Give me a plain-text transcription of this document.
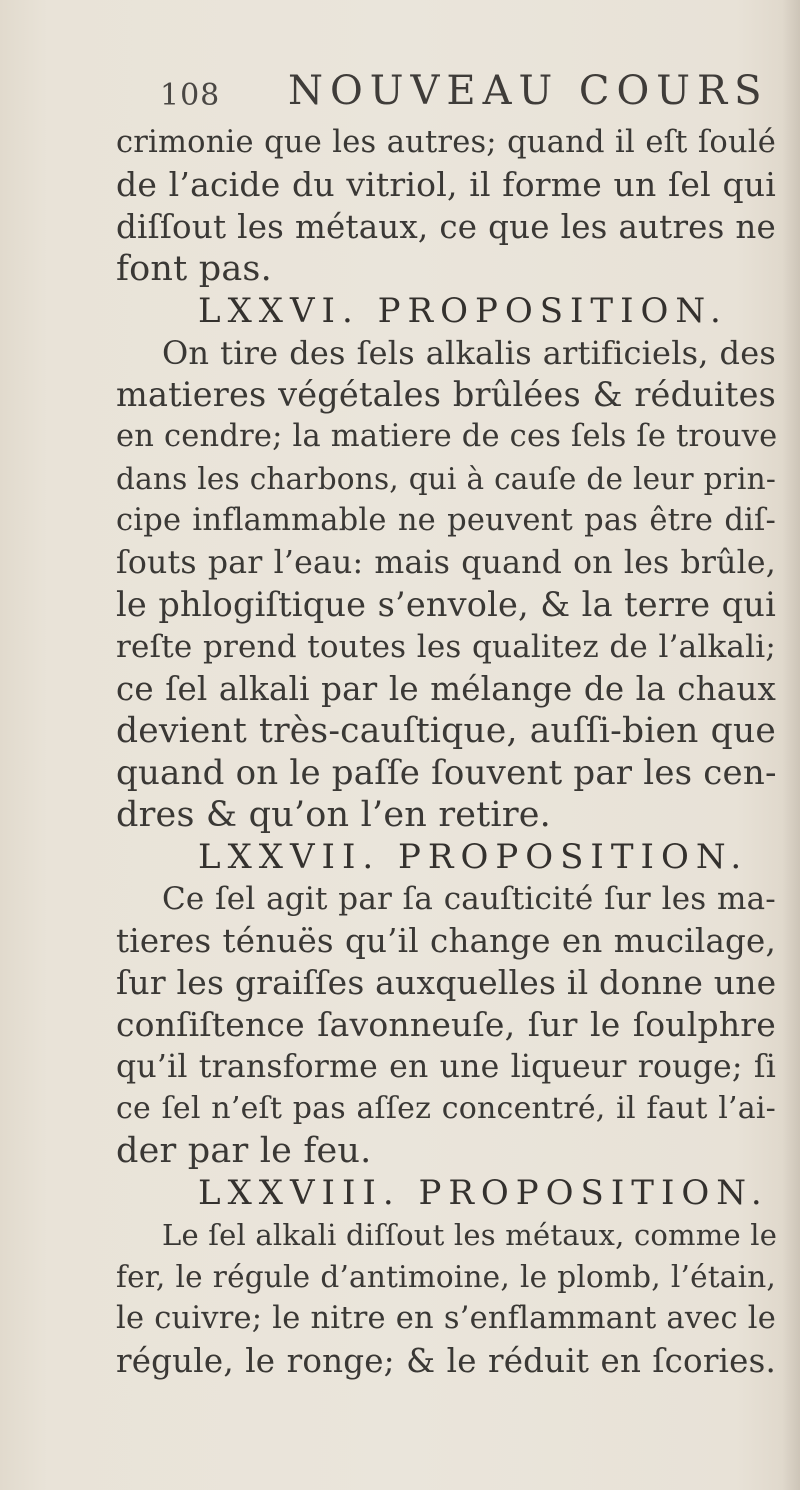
108 NOUVEAU COURS
crimonie que les autres; quand il eſt ſoulé
de l’acide du vitriol, il forme un ſel qui
diſſout les métaux, ce que les autres ne
font pas.
LXXVI. PROPOSITION.
On tire des ſels alkalis artificiels, des
matieres végétales brûlées & réduites
en cendre; la matiere de ces ſels ſe trouve
dans les charbons, qui à cauſe de leur prin-
cipe inflammable ne peuvent pas être diſ-
ſouts par l’eau: mais quand on les brûle,
le phlogiſtique s’envole, & la terre qui
reſte prend toutes les qualitez de l’alkali;
ce ſel alkali par le mélange de la chaux
devient très-cauſtique, auſſi-bien que
quand on le paſſe ſouvent par les cen-
dres & qu’on l’en retire.
LXXVII. PROPOSITION.
Ce ſel agit par ſa cauſticité ſur les ma-
tieres ténuës qu’il change en mucilage,
ſur les graiſſes auxquelles il donne une
conſiſtence ſavonneuſe, ſur le ſoulphre
qu’il transforme en une liqueur rouge; ſi
ce ſel n’eſt pas aſſez concentré, il faut l’ai-
der par le feu.
LXXVIII. PROPOSITION.
Le ſel alkali diſſout les métaux, comme le
fer, le régule d’antimoine, le plomb, l’étain,
le cuivre; le nitre en s’enflammant avec le
régule, le ronge; & le réduit en ſcories.
